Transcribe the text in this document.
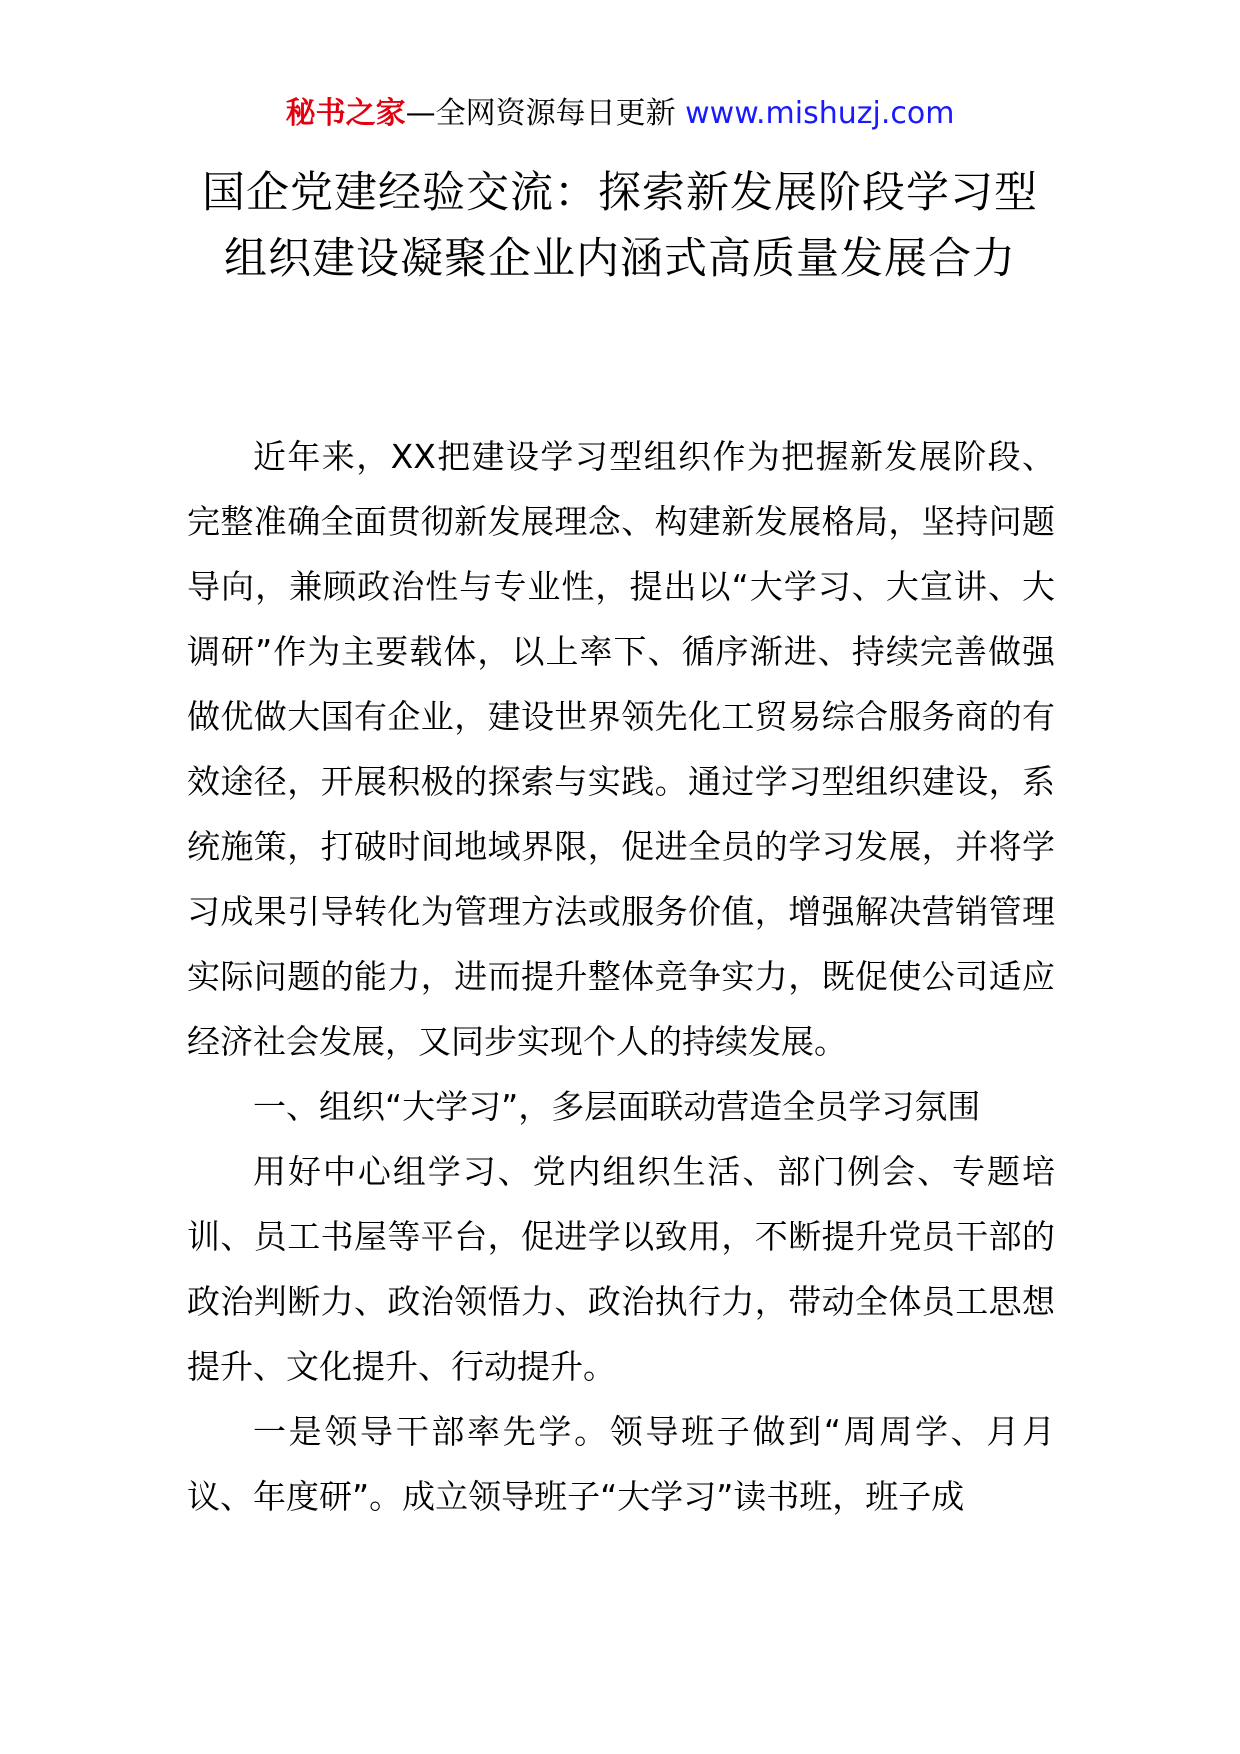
秘书之家—全网资源每日更新 www.mishuzj.com
国企党建经验交流：探索新发展阶段学习型组织建设凝聚企业内涵式高质量发展合力

近年来，XX把建设学习型组织作为把握新发展阶段、完整准确全面贯彻新发展理念、构建新发展格局，坚持问题导向，兼顾政治性与专业性，提出以“大学习、大宣讲、大调研”作为主要载体，以上率下、循序渐进、持续完善做强做优做大国有企业，建设世界领先化工贸易综合服务商的有效途径，开展积极的探索与实践。通过学习型组织建设，系统施策，打破时间地域界限，促进全员的学习发展，并将学习成果引导转化为管理方法或服务价值，增强解决营销管理实际问题的能力，进而提升整体竞争实力，既促使公司适应经济社会发展，又同步实现个人的持续发展。

一、组织“大学习”，多层面联动营造全员学习氛围

用好中心组学习、党内组织生活、部门例会、专题培训、员工书屋等平台，促进学以致用，不断提升党员干部的政治判断力、政治领悟力、政治执行力，带动全体员工思想提升、文化提升、行动提升。

一是领导干部率先学。领导班子做到“周周学、月月议、年度研”。成立领导班子“大学习”读书班，班子成
